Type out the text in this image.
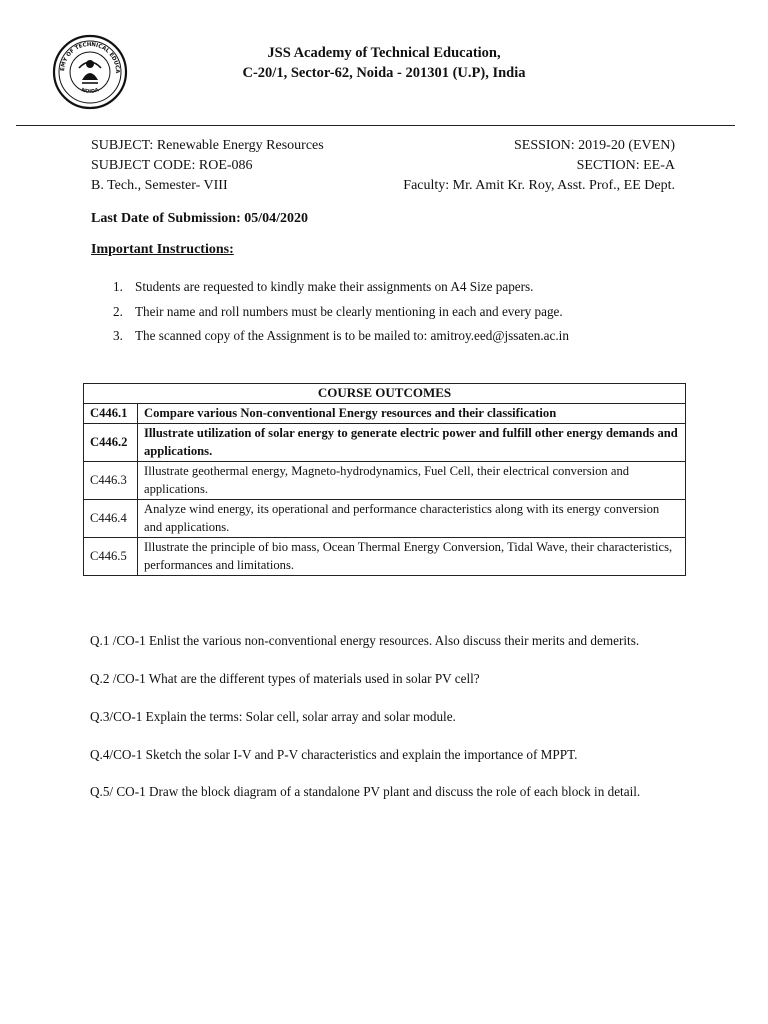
EMY OF TECHNICAL EDUCA
NOIDA
JSS Academy of Technical Education,
C-20/1, Sector-62, Noida - 201301 (U.P), India
SUBJECT: Renewable Energy Resources
SUBJECT CODE: ROE-086
B. Tech., Semester- VIII
SESSION: 2019-20 (EVEN)
SECTION: EE-A
Faculty: Mr. Amit Kr. Roy, Asst. Prof., EE Dept.
Last Date of Submission: 05/04/2020
Important Instructions:
1. Students are requested to kindly make their assignments on A4 Size papers.
2. Their name and roll numbers must be clearly mentioning in each and every page.
3. The scanned copy of the Assignment is to be mailed to: amitroy.eed@jssaten.ac.in
COURSE OUTCOMES	
C446.1	Compare various Non-conventional Energy resources and their classification
C446.2	Illustrate utilization of solar energy to generate electric power and fulfill other energy demands and applications.
C446.3	Illustrate geothermal energy, Magneto-hydrodynamics, Fuel Cell, their electrical conversion and applications.
C446.4	Analyze wind energy, its operational and performance characteristics along with its energy conversion and applications.
C446.5	Illustrate the principle of bio mass, Ocean Thermal Energy Conversion, Tidal Wave, their characteristics, performances and limitations.
Q.1 /CO-1 Enlist the various non-conventional energy resources. Also discuss their merits and demerits.
Q.2 /CO-1 What are the different types of materials used in solar PV cell?
Q.3/CO-1 Explain the terms: Solar cell, solar array and solar module.
Q.4/CO-1 Sketch the solar I-V and P-V characteristics and explain the importance of MPPT.
Q.5/ CO-1 Draw the block diagram of a standalone PV plant and discuss the role of each block in detail.
